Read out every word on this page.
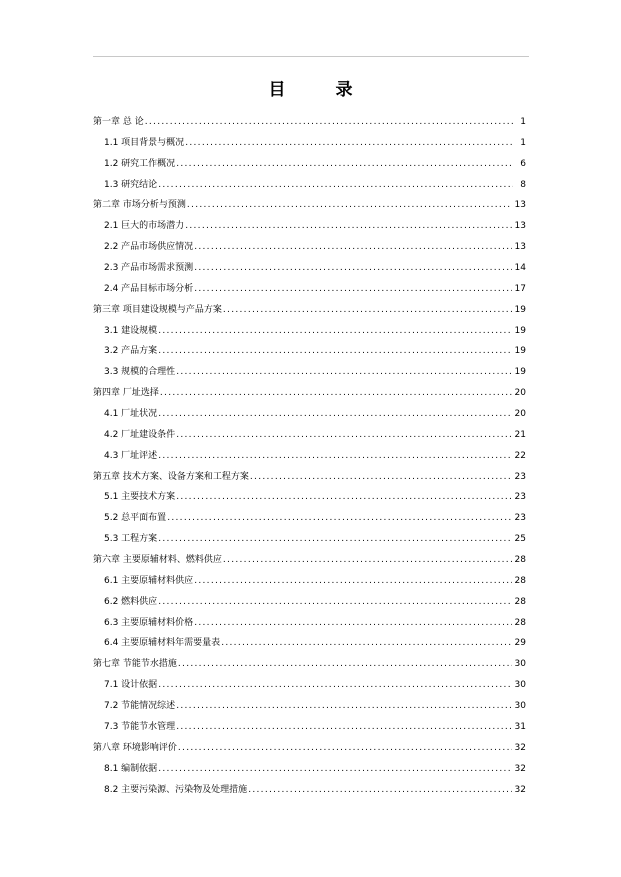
目 录
第一章 总 论 .....	1
1.1 项目背景与概况 .....	1
1.2 研究工作概况 .....	6
1.3 研究结论 .....	8
第二章 市场分析与预测 .....	13
2.1 巨大的市场潜力 .....	13
2.2 产品市场供应情况 .....	13
2.3 产品市场需求预测 .....	14
2.4 产品目标市场分析 .....	17
第三章 项目建设规模与产品方案 .....	19
3.1 建设规模 .....	19
3.2 产品方案 .....	19
3.3 规模的合理性 .....	19
第四章 厂址选择 .....	20
4.1 厂址状况 .....	20
4.2 厂址建设条件 .....	21
4.3 厂址评述 .....	22
第五章 技术方案、设备方案和工程方案 .....	23
5.1 主要技术方案 .....	23
5.2 总平面布置 .....	23
5.3 工程方案 .....	25
第六章 主要原辅材料、燃料供应 .....	28
6.1 主要原辅材料供应 .....	28
6.2 燃料供应 .....	28
6.3 主要原辅材料价格 .....	28
6.4 主要原辅材料年需要量表 .....	29
第七章 节能节水措施 .....	30
7.1 设计依据 .....	30
7.2 节能情况综述 .....	30
7.3 节能节水管理 .....	31
第八章 环境影响评价 .....	32
8.1 编制依据 .....	32
8.2 主要污染源、污染物及处理措施 .....	32
